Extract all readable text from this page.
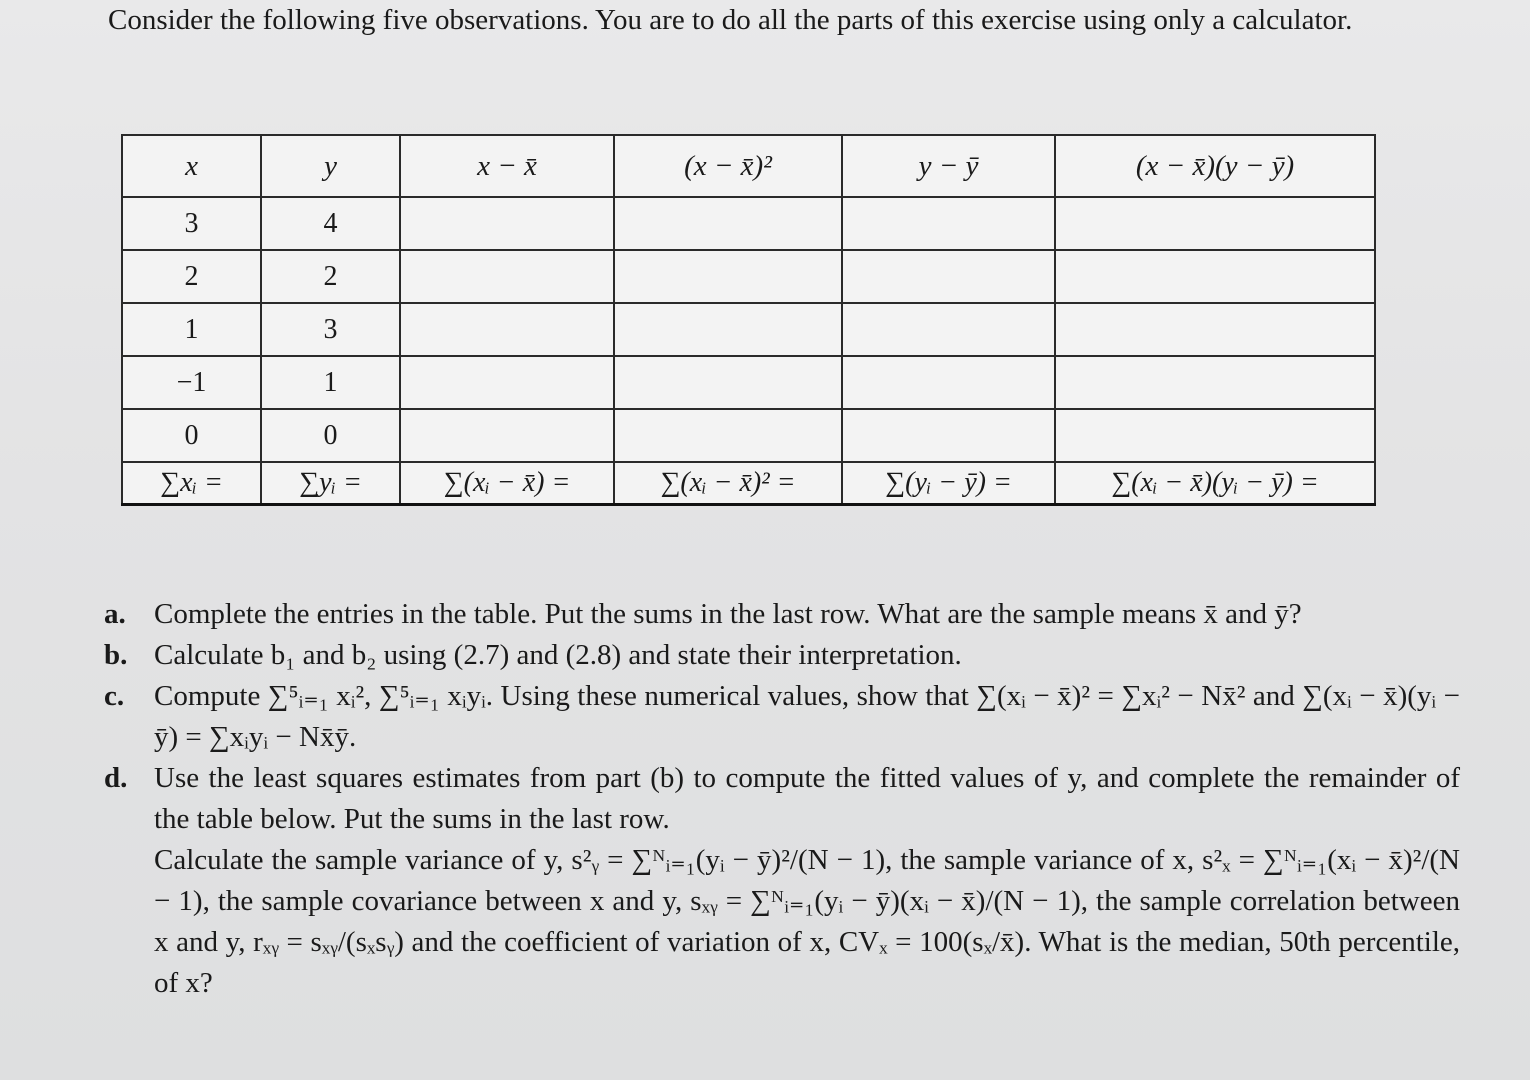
Consider the following five observations. You are to do all the parts of this exercise using only a calculator.
x	y	x − x̄	(x − x̄)²	y − ȳ	(x − x̄)(y − ȳ)
3	4				
2	2				
1	3				
−1	1				
0	0				
∑xᵢ =	∑yᵢ =	∑(xᵢ − x̄) =	∑(xᵢ − x̄)² =	∑(yᵢ − ȳ) =	∑(xᵢ − x̄)(yᵢ − ȳ) =
a. Complete the entries in the table. Put the sums in the last row. What are the sample means x̄ and ȳ?
b. Calculate b₁ and b₂ using (2.7) and (2.8) and state their interpretation.
c.	Compute ∑⁵ᵢ₌₁ xᵢ², ∑⁵ᵢ₌₁ xᵢyᵢ. Using these numerical values, show that ∑(xᵢ − x̄)² = ∑xᵢ² − Nx̄² and ∑(xᵢ − x̄)(yᵢ − ȳ) = ∑xᵢyᵢ − Nx̄ȳ.
d. Use the least squares estimates from part (b) to compute the fitted values of y, and complete the remainder of the table below. Put the sums in the last row.
Calculate the sample variance of y, s²ᵧ = ∑ᴺᵢ₌₁(yᵢ − ȳ)²/(N − 1), the sample variance of x, s²ₓ = ∑ᴺᵢ₌₁(xᵢ − x̄)²/(N − 1), the sample covariance between x and y, sₓᵧ = ∑ᴺᵢ₌₁(yᵢ − ȳ)(xᵢ − x̄)/(N − 1), the sample correlation between x and y, rₓᵧ = sₓᵧ/(sₓsᵧ) and the coefficient of variation of x, CVₓ = 100(sₓ/x̄). What is the median, 50th percentile, of x?
